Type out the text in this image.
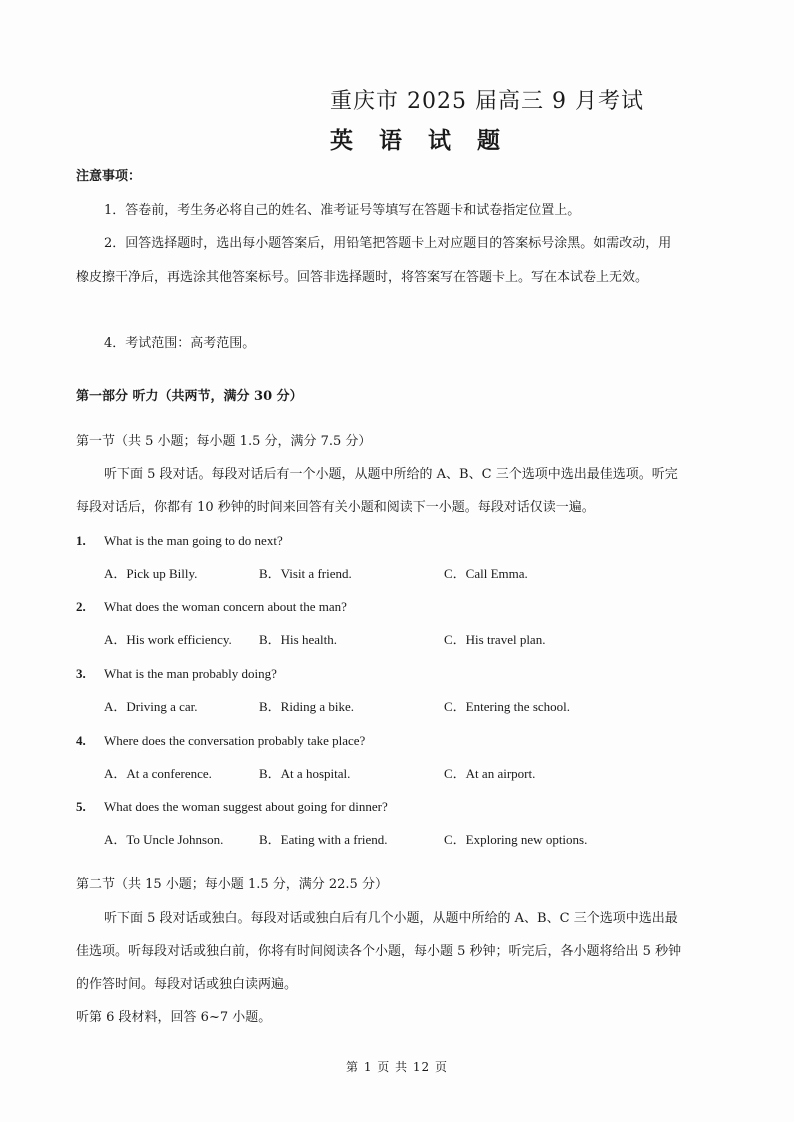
重庆市 2025 届高三 9 月考试
英 语 试 题
注意事项：
1．答卷前，考生务必将自己的姓名、准考证号等填写在答题卡和试卷指定位置上。
2．回答选择题时，选出每小题答案后，用铅笔把答题卡上对应题目的答案标号涂黑。如需改动，用
橡皮擦干净后，再选涂其他答案标号。回答非选择题时，将答案写在答题卡上。写在本试卷上无效。
4．考试范围：高考范围。
第一部分 听力（共两节，满分 30 分）
第一节（共 5 小题；每小题 1.5 分，满分 7.5 分）
听下面 5 段对话。每段对话后有一个小题，从题中所给的 A、B、C 三个选项中选出最佳选项。听完
每段对话后，你都有 10 秒钟的时间来回答有关小题和阅读下一小题。每段对话仅读一遍。
1. What is the man going to do next?
A．Pick up Billy.	B．Visit a friend.	C．Call Emma.
2. What does the woman concern about the man?
A．His work efficiency. B．His health.	C．His travel plan.
3. What is the man probably doing?
A．Driving a car.	B．Riding a bike.	C．Entering the school.
4. Where does the conversation probably take place?
A．At a conference.	B．At a hospital.	C．At an airport.
5. What does the woman suggest about going for dinner?
A．To Uncle Johnson.	B．Eating with a friend.	C．Exploring new options.
第二节（共 15 小题；每小题 1.5 分，满分 22.5 分）
听下面 5 段对话或独白。每段对话或独白后有几个小题，从题中所给的 A、B、C 三个选项中选出最
佳选项。听每段对话或独白前，你将有时间阅读各个小题，每小题 5 秒钟；听完后，各小题将给出 5 秒钟
的作答时间。每段对话或独白读两遍。
听第 6 段材料，回答 6~7 小题。
第 1 页 共 12 页
